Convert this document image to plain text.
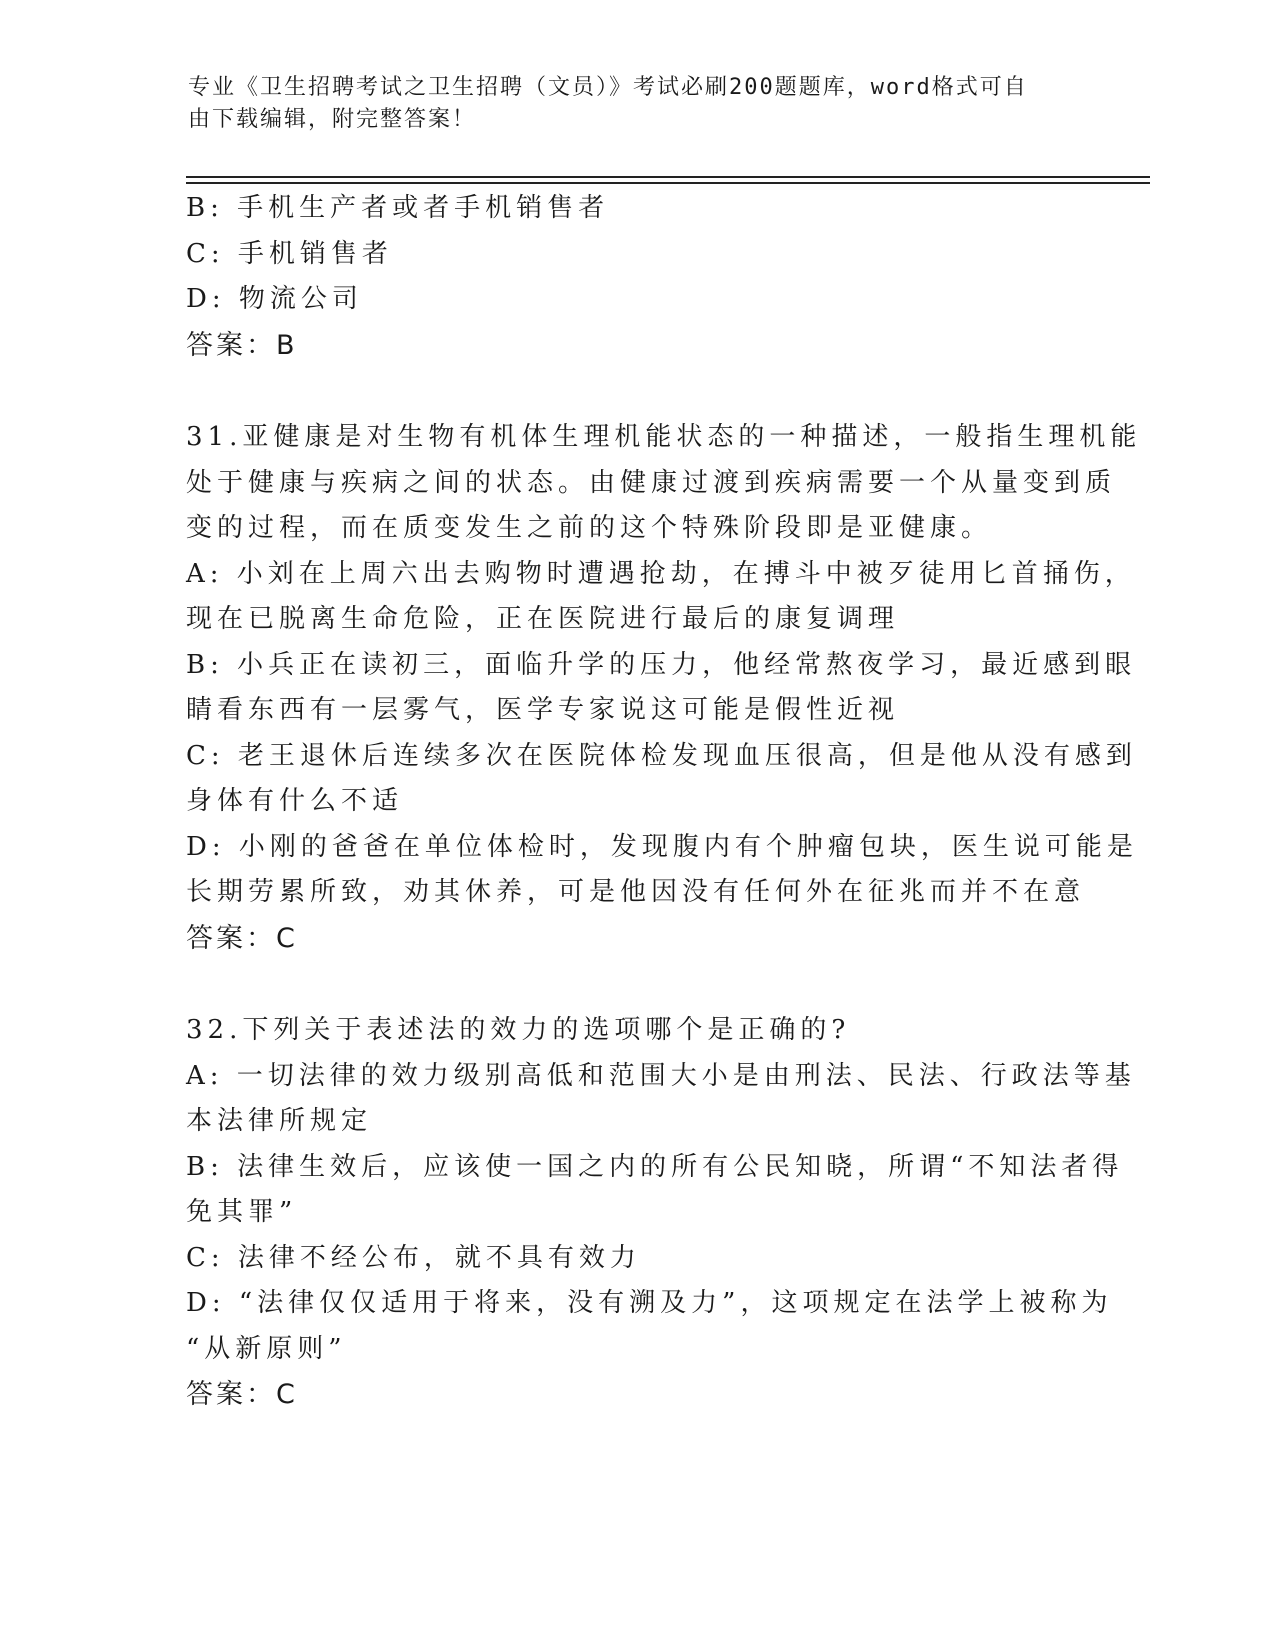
专业《卫生招聘考试之卫生招聘（文员）》考试必刷200题题库，word格式可自
由下载编辑，附完整答案！
B: 手机生产者或者手机销售者
C: 手机销售者
D: 物流公司
答案：B
31.亚健康是对生物有机体生理机能状态的一种描述，一般指生理机能
处于健康与疾病之间的状态。由健康过渡到疾病需要一个从量变到质
变的过程，而在质变发生之前的这个特殊阶段即是亚健康。
A: 小刘在上周六出去购物时遭遇抢劫，在搏斗中被歹徒用匕首捅伤，
现在已脱离生命危险，正在医院进行最后的康复调理
B: 小兵正在读初三，面临升学的压力，他经常熬夜学习，最近感到眼
睛看东西有一层雾气，医学专家说这可能是假性近视
C: 老王退休后连续多次在医院体检发现血压很高，但是他从没有感到
身体有什么不适
D: 小刚的爸爸在单位体检时，发现腹内有个肿瘤包块，医生说可能是
长期劳累所致，劝其休养，可是他因没有任何外在征兆而并不在意
答案：C
32.下列关于表述法的效力的选项哪个是正确的?
A: 一切法律的效力级别高低和范围大小是由刑法、民法、行政法等基
本法律所规定
B: 法律生效后，应该使一国之内的所有公民知晓，所谓“不知法者得
免其罪”
C: 法律不经公布，就不具有效力
D: “法律仅仅适用于将来，没有溯及力”，这项规定在法学上被称为
“从新原则”
答案：C
